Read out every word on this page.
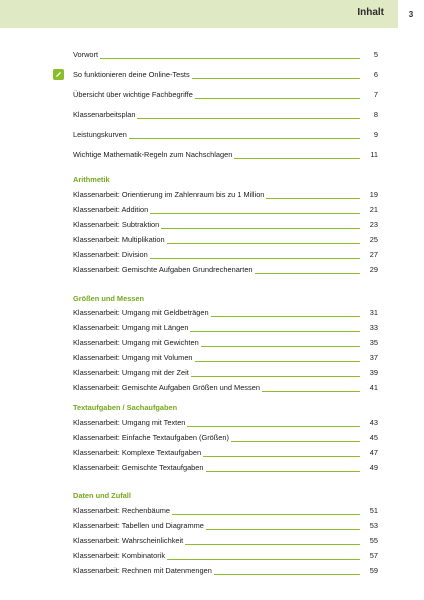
Inhalt	3
Vorwort	5
So funktionieren deine Online-Tests	6
Übersicht über wichtige Fachbegriffe	7
Klassenarbeitsplan	8
Leistungskurven	9
Wichtige Mathematik-Regeln zum Nachschlagen	11
Arithmetik
Klassenarbeit: Orientierung im Zahlenraum bis zu 1 Million	19
Klassenarbeit: Addition	21
Klassenarbeit: Subtraktion	23
Klassenarbeit: Multiplikation	25
Klassenarbeit: Division	27
Klassenarbeit: Gemischte Aufgaben Grundrechenarten	29
Größen und Messen
Klassenarbeit: Umgang mit Geldbeträgen	31
Klassenarbeit: Umgang mit Längen	33
Klassenarbeit: Umgang mit Gewichten	35
Klassenarbeit: Umgang mit Volumen	37
Klassenarbeit: Umgang mit der Zeit	39
Klassenarbeit: Gemischte Aufgaben Größen und Messen	41
Textaufgaben / Sachaufgaben
Klassenarbeit: Umgang mit Texten	43
Klassenarbeit: Einfache Textaufgaben (Größen)	45
Klassenarbeit: Komplexe Textaufgaben	47
Klassenarbeit: Gemischte Textaufgaben	49
Daten und Zufall
Klassenarbeit: Rechenbäume	51
Klassenarbeit: Tabellen und Diagramme	53
Klassenarbeit: Wahrscheinlichkeit	55
Klassenarbeit: Kombinatorik	57
Klassenarbeit: Rechnen mit Datenmengen	59
